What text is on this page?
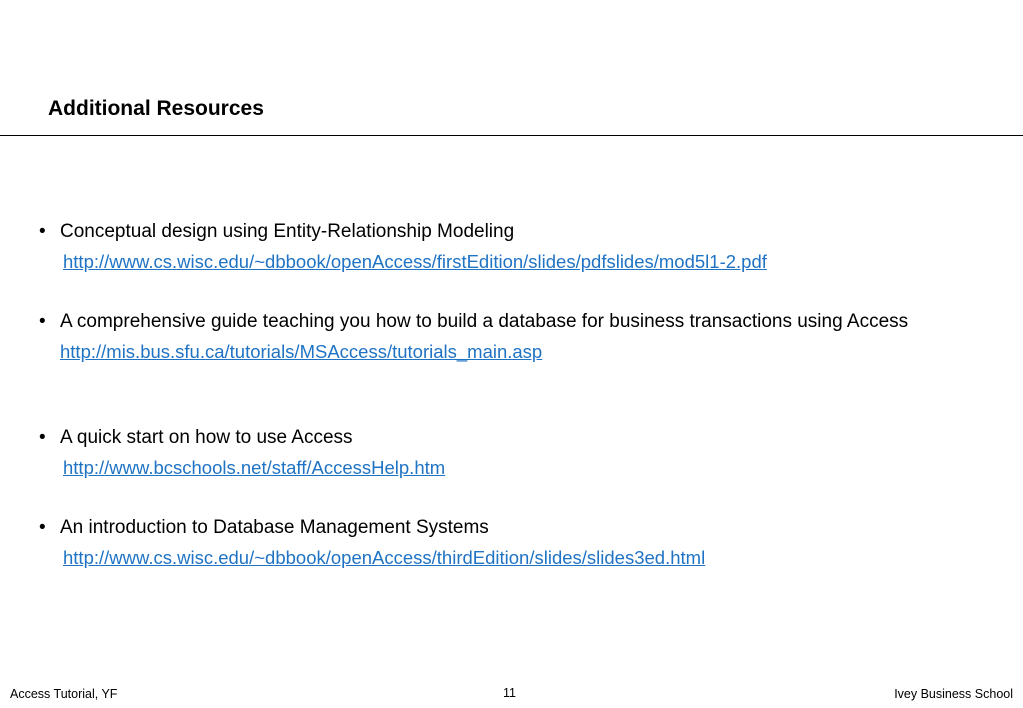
Additional Resources
• Conceptual design using Entity-Relationship Modeling
http://www.cs.wisc.edu/~dbbook/openAccess/firstEdition/slides/pdfslides/mod5l1-2.pdf
• A comprehensive guide teaching you how to build a database for business transactions using Access
http://mis.bus.sfu.ca/tutorials/MSAccess/tutorials_main.asp
• A quick start on how to use Access
http://www.bcschools.net/staff/AccessHelp.htm
• An introduction to Database Management Systems
http://www.cs.wisc.edu/~dbbook/openAccess/thirdEdition/slides/slides3ed.html
Access Tutorial, YF	11	Ivey Business School
